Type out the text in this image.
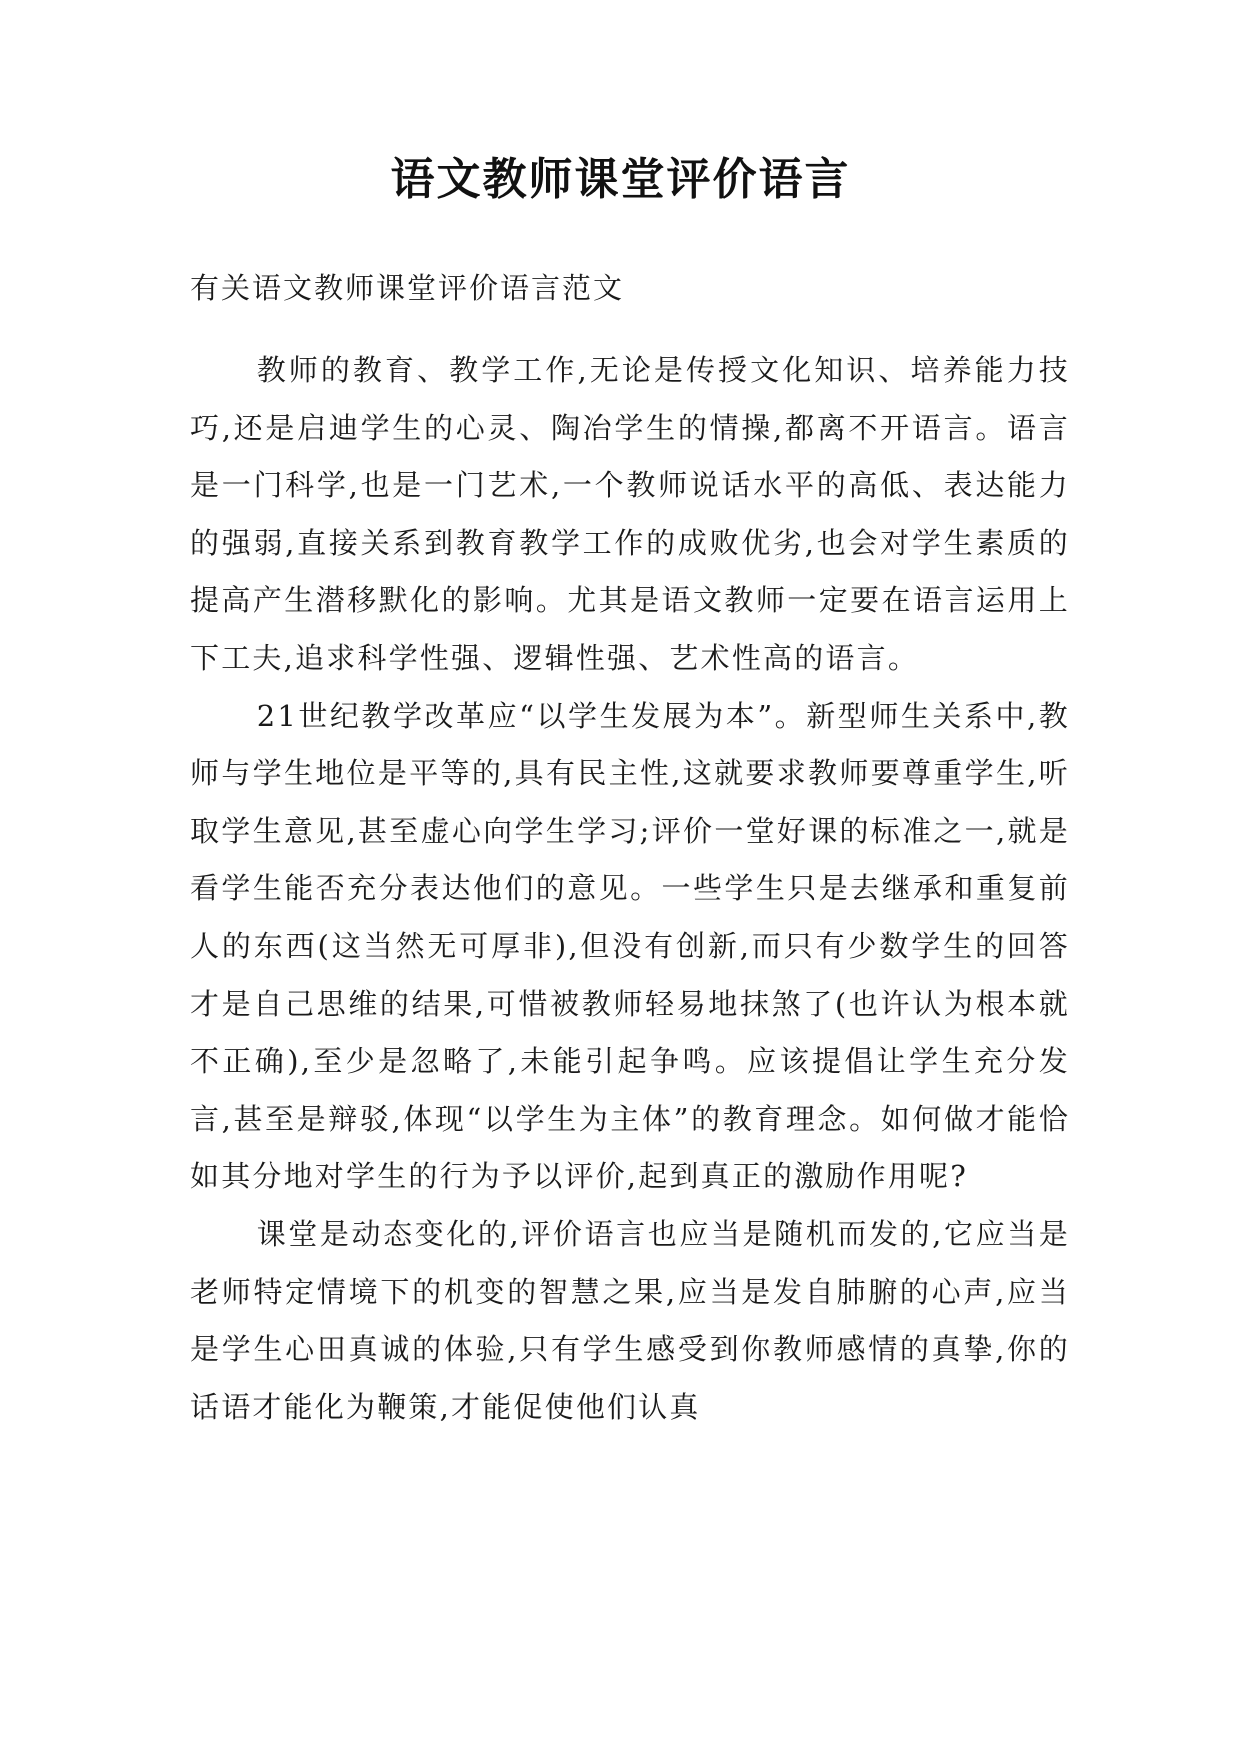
语文教师课堂评价语言

有关语文教师课堂评价语言范文

教师的教育、教学工作,无论是传授文化知识、培养能力技巧,还是启迪学生的心灵、陶冶学生的情操,都离不开语言。语言是一门科学,也是一门艺术,一个教师说话水平的高低、表达能力的强弱,直接关系到教育教学工作的成败优劣,也会对学生素质的提高产生潜移默化的影响。尤其是语文教师一定要在语言运用上下工夫,追求科学性强、逻辑性强、艺术性高的语言。

21世纪教学改革应“以学生发展为本”。新型师生关系中,教师与学生地位是平等的,具有民主性,这就要求教师要尊重学生,听取学生意见,甚至虚心向学生学习;评价一堂好课的标准之一,就是看学生能否充分表达他们的意见。一些学生只是去继承和重复前人的东西(这当然无可厚非),但没有创新,而只有少数学生的回答才是自己思维的结果,可惜被教师轻易地抹煞了(也许认为根本就不正确),至少是忽略了,未能引起争鸣。应该提倡让学生充分发言,甚至是辩驳,体现“以学生为主体”的教育理念。如何做才能恰如其分地对学生的行为予以评价,起到真正的激励作用呢?

课堂是动态变化的,评价语言也应当是随机而发的,它应当是老师特定情境下的机变的智慧之果,应当是发自肺腑的心声,应当是学生心田真诚的体验,只有学生感受到你教师感情的真挚,你的话语才能化为鞭策,才能促使他们认真
